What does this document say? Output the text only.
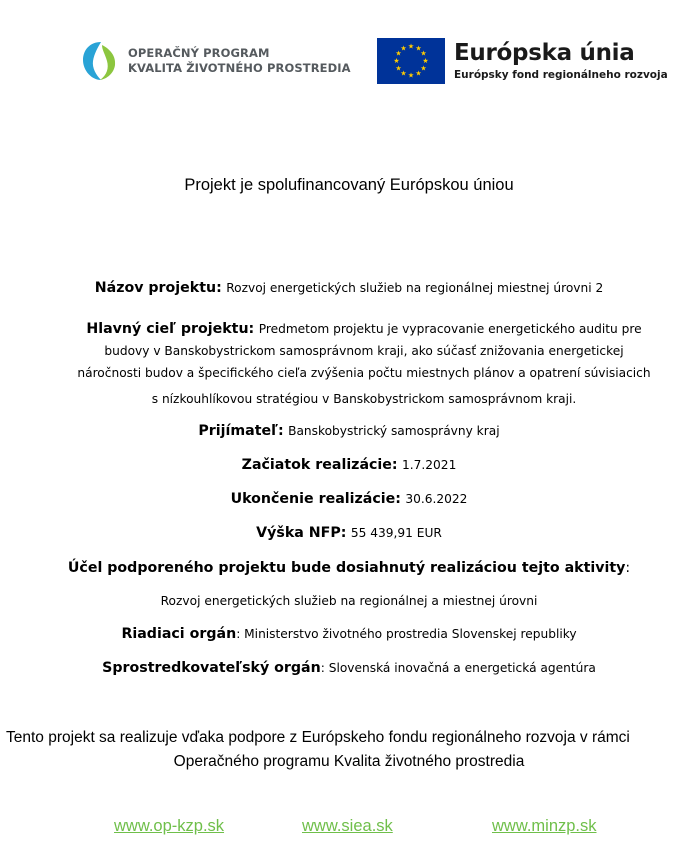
OPERAČNÝ PROGRAM
KVALITA ŽIVOTNÉHO PROSTREDIA
★ ★
★
★
★
★
★
★
★
★
★
★ Európska únia
Európsky fond regionálneho rozvoja
Projekt je spolufinancovaný Európskou úniou
Názov projektu: Rozvoj energetických služieb na regionálnej miestnej úrovni 2
Hlavný cieľ projektu: Predmetom projektu je vypracovanie energetického auditu pre
budovy v Banskobystrickom samosprávnom kraji, ako súčasť znižovania energetickej
náročnosti budov a špecifického cieľa zvýšenia počtu miestnych plánov a opatrení súvisiacich
s nízkouhlíkovou stratégiou v Banskobystrickom samosprávnom kraji.
Prijímateľ: Banskobystrický samosprávny kraj
Začiatok realizácie: 1.7.2021
Ukončenie realizácie: 30.6.2022
Výška NFP: 55 439,91 EUR
Účel podporeného projektu bude dosiahnutý realizáciou tejto aktivity:
Rozvoj energetických služieb na regionálnej a miestnej úrovni
Riadiaci orgán: Ministerstvo životného prostredia Slovenskej republiky
Sprostredkovateľský orgán: Slovenská inovačná a energetická agentúra
Tento projekt sa realizuje vďaka podpore z Európskeho fondu regionálneho rozvoja v rámci
Operačného programu Kvalita životného prostredia
www.op-kzp.sk	www.siea.sk	www.minzp.sk
